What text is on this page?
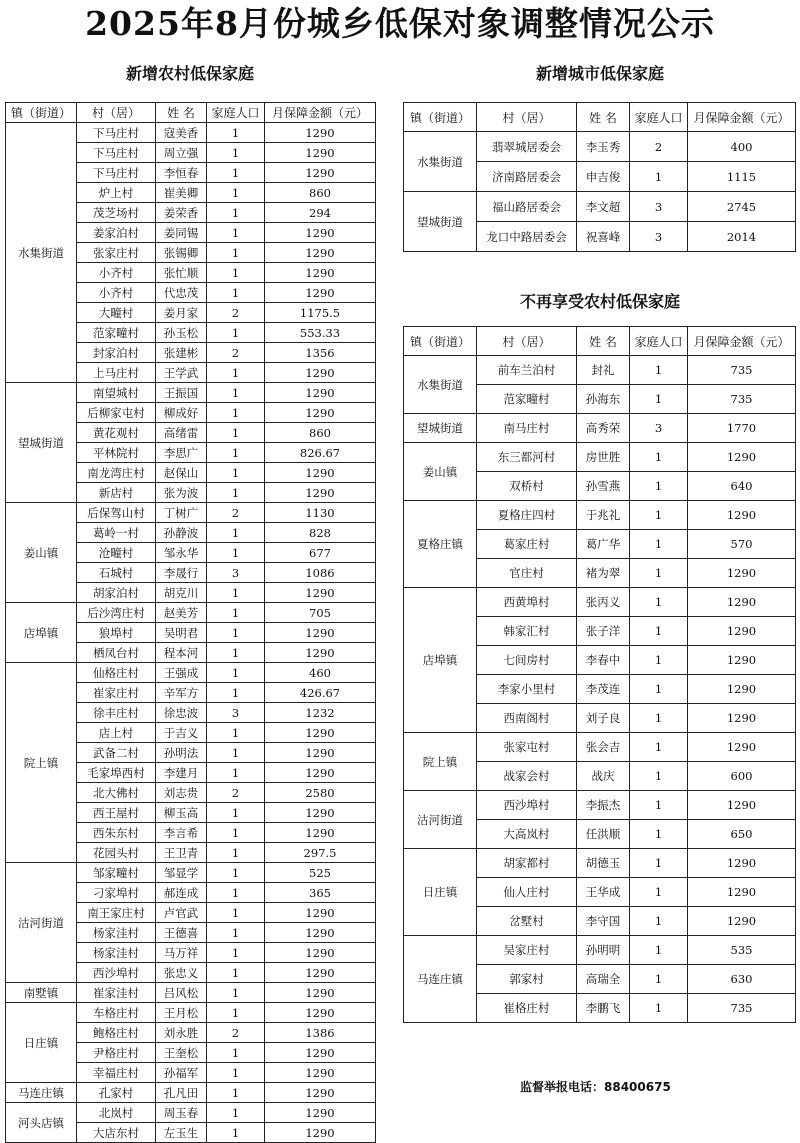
2025年8月份城乡低保对象调整情况公示
新增农村低保家庭	新增城市低保家庭
不再享受农村低保家庭
镇（街道）	村（居）	姓 名	家庭人口	月保障金额（元）
水集街道	下马庄村	寇美香	1	1290
	下马庄村	周立强	1	1290
	下马庄村	李恒春	1	1290
	炉上村	崔美卿	1	860
	茂芝场村	姜荣香	1	294
	姜家泊村	姜同锡	1	1290
	张家庄村	张锡卿	1	1290
	小齐村	张忙顺	1	1290
	小齐村	代忠茂	1	1290
	大疃村	姜月家	2	1175.5
	范家疃村	孙玉松	1	553.33
	封家泊村	张建彬	2	1356
	上马庄村	王学武	1	1290
望城街道	南望城村	王振国	1	1290
	后柳家屯村	柳成好	1	1290
	黄花观村	高绪雷	1	860
	平林院村	李思广	1	826.67
	南龙湾庄村	赵保山	1	1290
	新店村	张为波	1	1290
姜山镇	后保驾山村	丁树广	2	1130
	葛岭一村	孙静波	1	828
	沧疃村	邹永华	1	677
	石城村	李晟行	3	1086
	胡家泊村	胡克川	1	1290
店埠镇	后沙湾庄村	赵美芳	1	705
	狼埠村	吴明君	1	1290
	栖凤台村	程本河	1	1290
院上镇	仙格庄村	王强成	1	460
	崔家庄村	辛军方	1	426.67
	徐丰庄村	徐忠波	3	1232
	店上村	于吉义	1	1290
	武备二村	孙明法	1	1290
	毛家埠西村	李建月	1	1290
	北大佛村	刘志贵	2	2580
	西王屋村	柳玉高	1	1290
	西朱东村	李言希	1	1290
	花园头村	王卫青	1	297.5
沽河街道	邹家疃村	邹显学	1	525
	刁家埠村	郝连成	1	365
	南王家庄村	卢官武	1	1290
	杨家洼村	王德喜	1	1290
	杨家洼村	马万祥	1	1290
	西沙埠村	张忠义	1	1290
南墅镇	崔家洼村	吕风松	1	1290
日庄镇	车格庄村	王月松	1	1290
	鲍格庄村	刘永胜	2	1386
	尹格庄村	王奎松	1	1290
	幸福庄村	孙福军	1	1290
马连庄镇	孔家村	孔凡田	1	1290
河头店镇	北岚村	周玉春	1	1290
	大店东村	左玉生	1	1290
镇（街道）	村（居）	姓 名	家庭人口	月保障金额（元）
水集街道	翡翠城居委会	李玉秀	2	400
	济南路居委会	申吉俊	1	1115
望城街道	福山路居委会	李文超	3	2745
	龙口中路居委会	祝喜峰	3	2014
镇（街道）	村（居）	姓 名	家庭人口	月保障金额（元）
水集街道	前车兰泊村	封礼	1	735
	范家疃村	孙海东	1	735
望城街道	南马庄村	高秀荣	3	1770
姜山镇	东三都河村	房世胜	1	1290
	双桥村	孙雪燕	1	640
夏格庄镇	夏格庄四村	于兆礼	1	1290
	葛家庄村	葛广华	1	570
	官庄村	褚为翠	1	1290
店埠镇	西黄埠村	张丙义	1	1290
	韩家汇村	张子洋	1	1290
	七间房村	李春中	1	1290
	李家小里村	李茂连	1	1290
	西南阁村	刘子良	1	1290
院上镇	张家屯村	张会吉	1	1290
	战家会村	战庆	1	600
沽河街道	西沙埠村	李振杰	1	1290
	大高岚村	任洪顺	1	650
日庄镇	胡家都村	胡德玉	1	1290
	仙人庄村	王华成	1	1290
	岔墅村	李守国	1	1290
马连庄镇	吴家庄村	孙明明	1	535
	郭家村	高瑞全	1	630
	崔格庄村	李鹏飞	1	735
监督举报电话：88400675
